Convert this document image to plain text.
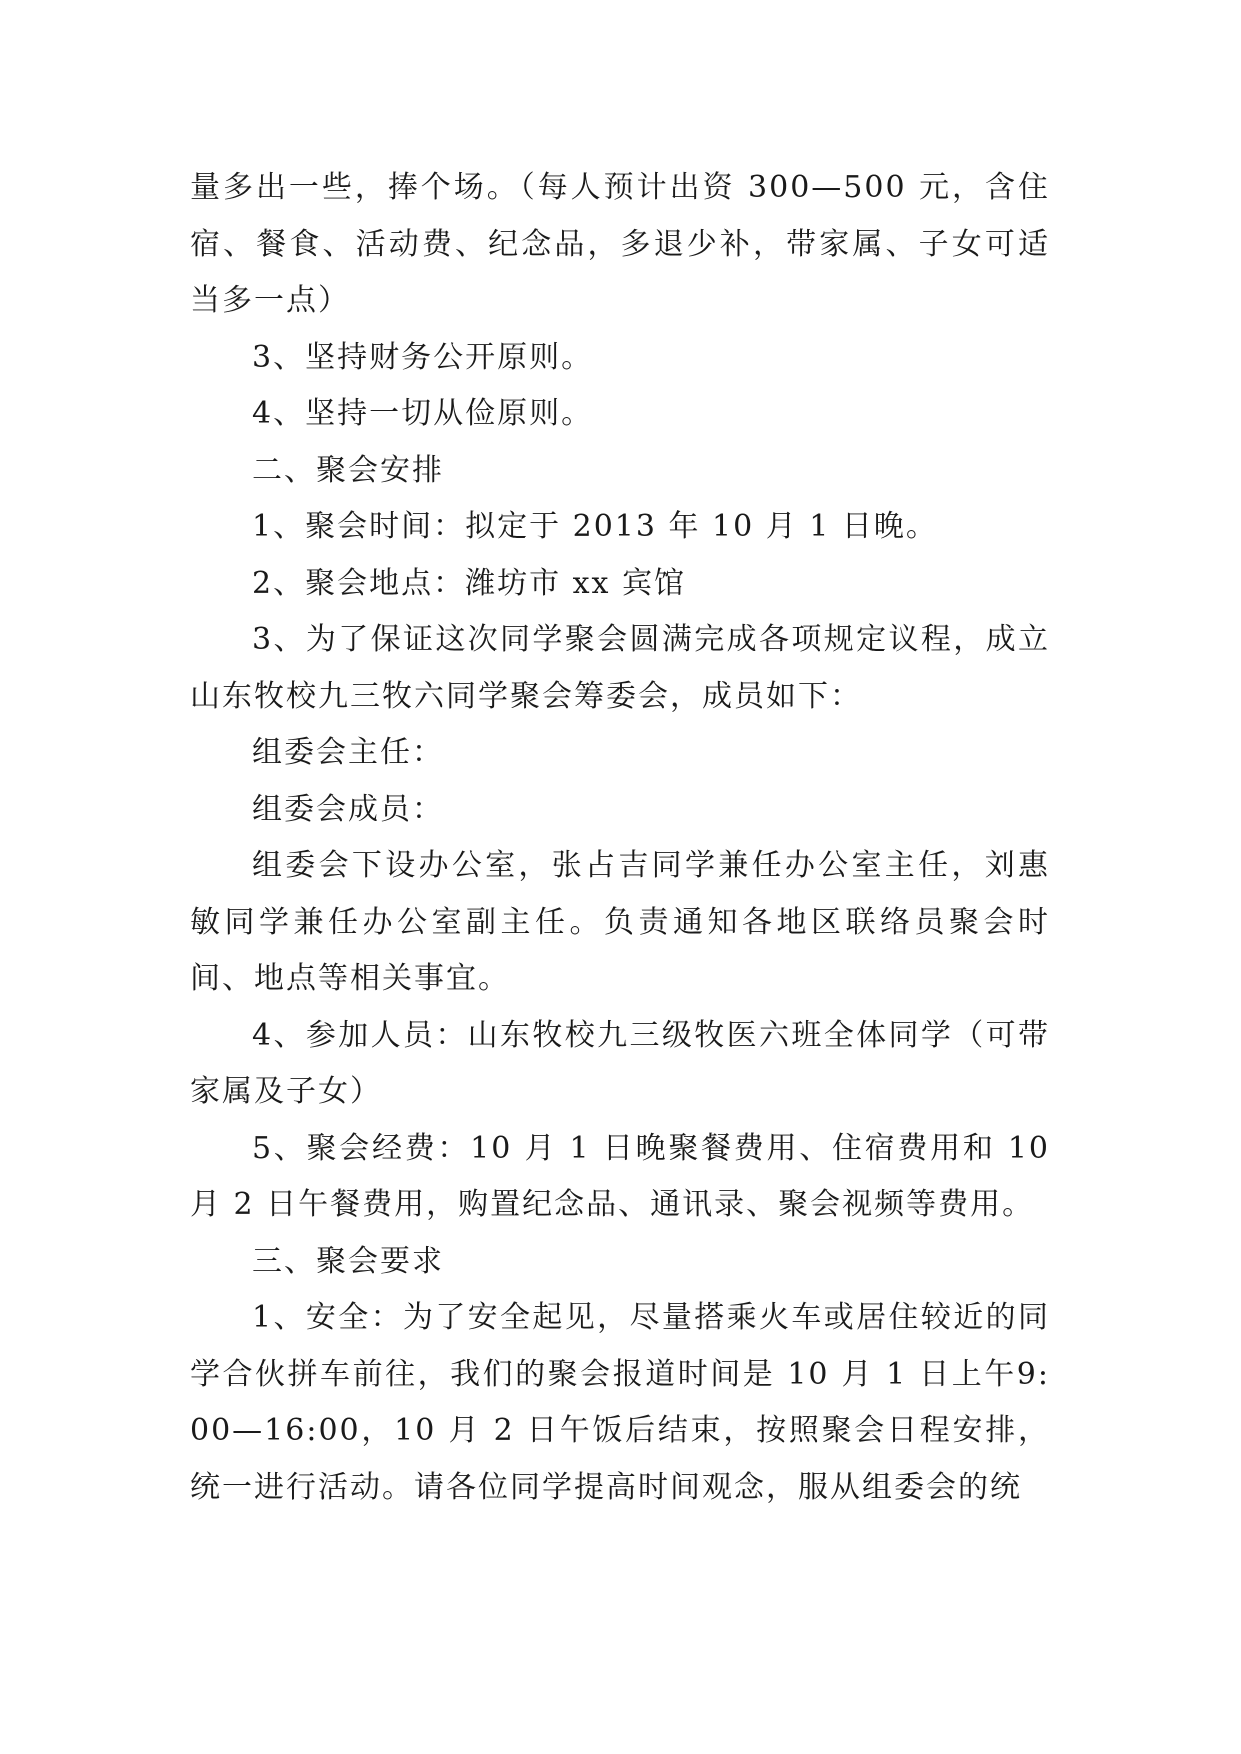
量多出一些，捧个场。（每人预计出资 300—500 元，含住宿、餐食、活动费、纪念品，多退少补，带家属、子女可适当多一点）

3、坚持财务公开原则。

4、坚持一切从俭原则。

二、聚会安排

1、聚会时间：拟定于 2013 年 10 月 1 日晚。

2、聚会地点：潍坊市 xx 宾馆

3、为了保证这次同学聚会圆满完成各项规定议程，成立山东牧校九三牧六同学聚会筹委会，成员如下：

组委会主任：

组委会成员：

组委会下设办公室，张占吉同学兼任办公室主任，刘惠敏同学兼任办公室副主任。负责通知各地区联络员聚会时间、地点等相关事宜。

4、参加人员：山东牧校九三级牧医六班全体同学（可带家属及子女）

5、聚会经费：10 月 1 日晚聚餐费用、住宿费用和 10 月 2 日午餐费用，购置纪念品、通讯录、聚会视频等费用。

三、聚会要求

1、安全：为了安全起见，尽量搭乘火车或居住较近的同学合伙拼车前往，我们的聚会报道时间是 10 月 1 日上午9:00—16:00，10 月 2 日午饭后结束，按照聚会日程安排，统一进行活动。请各位同学提高时间观念，服从组委会的统
